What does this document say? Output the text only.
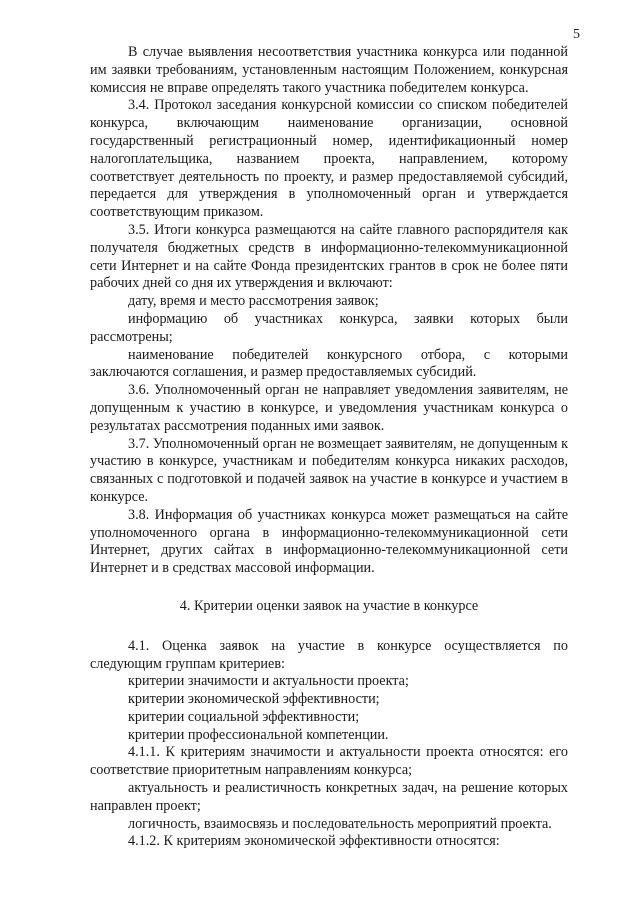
5

В случае выявления несоответствия участника конкурса или поданной им заявки требованиям, установленным настоящим Положением, конкурсная комиссия не вправе определять такого участника победителем конкурса.

3.4. Протокол заседания конкурсной комиссии со списком победителей конкурса, включающим наименование организации, основной государственный регистрационный номер, идентификационный номер налогоплательщика, названием проекта, направлением, которому соответствует деятельность по проекту, и размер предоставляемой субсидий, передается для утверждения в уполномоченный орган и утверждается соответствующим приказом.

3.5. Итоги конкурса размещаются на сайте главного распорядителя как получателя бюджетных средств в информационно-телекоммуникационной сети Интернет и на сайте Фонда президентских грантов в срок не более пяти рабочих дней со дня их утверждения и включают:

дату, время и место рассмотрения заявок;

информацию об участниках конкурса, заявки которых были рассмотрены;

наименование победителей конкурсного отбора, с которыми заключаются соглашения, и размер предоставляемых субсидий.

3.6. Уполномоченный орган не направляет уведомления заявителям, не допущенным к участию в конкурсе, и уведомления участникам конкурса о результатах рассмотрения поданных ими заявок.

3.7. Уполномоченный орган не возмещает заявителям, не допущенным к участию в конкурсе, участникам и победителям конкурса никаких расходов, связанных с подготовкой и подачей заявок на участие в конкурсе и участием в конкурсе.

3.8. Информация об участниках конкурса может размещаться на сайте уполномоченного органа в информационно-телекоммуникационной сети Интернет, других сайтах в информационно-телекоммуникационной сети Интернет и в средствах массовой информации.

4. Критерии оценки заявок на участие в конкурсе

4.1. Оценка заявок на участие в конкурсе осуществляется по следующим группам критериев:

критерии значимости и актуальности проекта;

критерии экономической эффективности;

критерии социальной эффективности;

критерии профессиональной компетенции.

4.1.1. К критериям значимости и актуальности проекта относятся: его соответствие приоритетным направлениям конкурса;

актуальность и реалистичность конкретных задач, на решение которых направлен проект;

логичность, взаимосвязь и последовательность мероприятий проекта.

4.1.2. К критериям экономической эффективности относятся:
